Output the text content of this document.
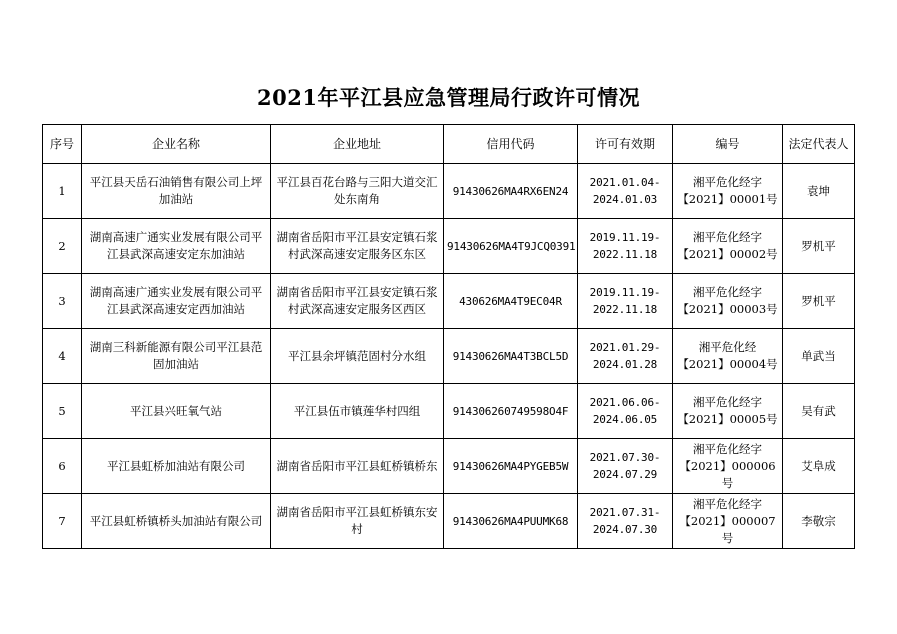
2021年平江县应急管理局行政许可情况
序号	企业名称	企业地址	信用代码	许可有效期	编号	法定代表人
1	平江县天岳石油销售有限公司上坪加油站	平江县百花台路与三阳大道交汇处东南角	91430626MA4RX6EN24	2021.01.04-2024.01.03	湘平危化经字【2021】00001号	袁坤
2	湖南高速广通实业发展有限公司平江县武深高速安定东加油站	湖南省岳阳市平江县安定镇石浆村武深高速安定服务区东区	91430626MA4T9JCQ0391	2019.11.19-2022.11.18	湘平危化经字【2021】00002号	罗机平
3	湖南高速广通实业发展有限公司平江县武深高速安定西加油站	湖南省岳阳市平江县安定镇石浆村武深高速安定服务区西区	430626MA4T9EC04R	2019.11.19-2022.11.18	湘平危化经字【2021】00003号	罗机平
4	湖南三科新能源有限公司平江县范固加油站	平江县余坪镇范固村分水组	91430626MA4T3BCL5D	2021.01.29-2024.01.28	湘平危化经【2021】00004号	单武当
5	平江县兴旺氧气站	平江县伍市镇莲华村四组	914306260749598O4F	2021.06.06-2024.06.05	湘平危化经字【2021】00005号	吴有武
6	平江县虹桥加油站有限公司	湖南省岳阳市平江县虹桥镇桥东	91430626MA4PYGEB5W	2021.07.30-2024.07.29	湘平危化经字【2021】000006号	艾阜成
7	平江县虹桥镇桥头加油站有限公司	湖南省岳阳市平江县虹桥镇东安村	91430626MA4PUUMK68	2021.07.31-2024.07.30	湘平危化经字【2021】000007号	李敬宗
